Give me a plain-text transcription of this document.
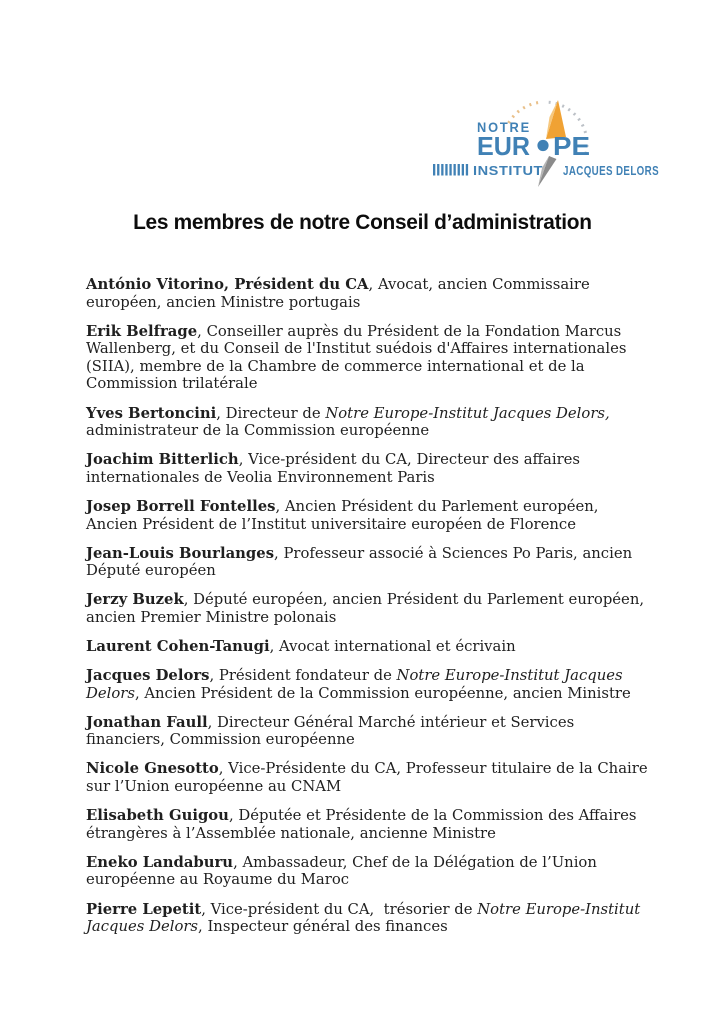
NOTRE
EUR PE
INSTITUT JACQUES DELORS
Les membres de notre Conseil d’administration

António Vitorino, Président du CA, Avocat, ancien Commissaire européen, ancien Ministre portugais

Erik Belfrage, Conseiller auprès du Président de la Fondation Marcus Wallenberg, et du Conseil de l'Institut suédois d'Affaires internationales (SIIA), membre de la Chambre de commerce international et de la Commission trilatérale

Yves Bertoncini, Directeur de Notre Europe-Institut Jacques Delors, administrateur de la Commission européenne

Joachim Bitterlich, Vice-président du CA, Directeur des affaires internationales de Veolia Environnement Paris

Josep Borrell Fontelles, Ancien Président du Parlement européen, Ancien Président de l’Institut universitaire européen de Florence

Jean-Louis Bourlanges, Professeur associé à Sciences Po Paris, ancien Député européen

Jerzy Buzek, Député européen, ancien Président du Parlement européen, ancien Premier Ministre polonais

Laurent Cohen-Tanugi, Avocat international et écrivain

Jacques Delors, Président fondateur de Notre Europe-Institut Jacques Delors, Ancien Président de la Commission européenne, ancien Ministre

Jonathan Faull, Directeur Général Marché intérieur et Services financiers, Commission européenne

Nicole Gnesotto, Vice-Présidente du CA, Professeur titulaire de la Chaire sur l’Union européenne au CNAM

Elisabeth Guigou, Députée et Présidente de la Commission des Affaires étrangères à l’Assemblée nationale, ancienne Ministre

Eneko Landaburu, Ambassadeur, Chef de la Délégation de l’Union européenne au Royaume du Maroc

Pierre Lepetit, Vice-président du CA,  trésorier de Notre Europe-Institut Jacques Delors, Inspecteur général des finances
